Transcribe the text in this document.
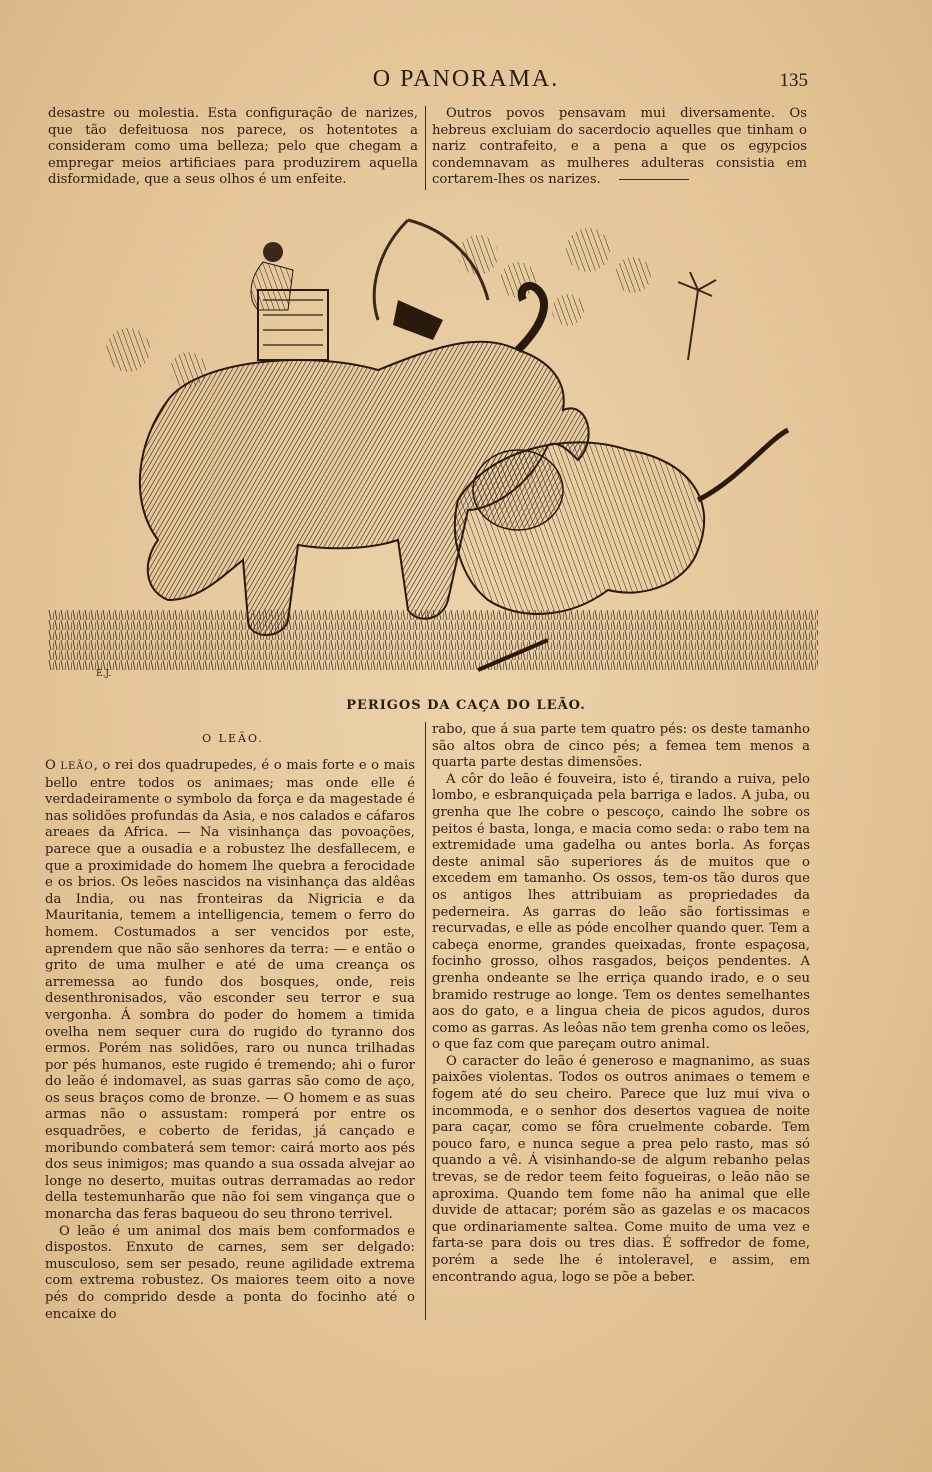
O PANORAMA.	135

desastre ou molestia. Esta configuração de narizes, que tão defeituosa nos parece, os hotentotes a consideram como uma belleza; pelo que chegam a empregar meios artificiaes para produzirem aquella disformidade, que a seus olhos é um enfeite.

Outros povos pensavam mui diversamente. Os hebreus excluiam do sacerdocio aquelles que tinham o nariz contrafeito, e a pena a que os egypcios condemnavam as mulheres adulteras consistia em cortarem-lhes os narizes.

E.J.
PERIGOS DA CAÇA DO LEÃO.
O LEÃO.

O LEÃO, o rei dos quadrupedes, é o mais forte e o mais bello entre todos os animaes; mas onde elle é verdadeiramente o symbolo da força e da magestade é nas solidões profundas da Asia, e nos calados e cáfaros areaes da Africa. — Na visinhança das povoações, parece que a ousadia e a robustez lhe desfallecem, e que a proximidade do homem lhe quebra a ferocidade e os brios. Os leões nascidos na visinhança das aldêas da India, ou nas fronteiras da Nigricia e da Mauritania, temem a intelligencia, temem o ferro do homem. Costumados a ser vencidos por este, aprendem que não são senhores da terra: — e então o grito de uma mulher e até de uma creança os arremessa ao fundo dos bosques, onde, reis desenthronisados, vão esconder seu terror e sua vergonha. Á sombra do poder do homem a timida ovelha nem sequer cura do rugido do tyranno dos ermos. Porém nas solidões, raro ou nunca trilhadas por pés humanos, este rugido é tremendo; ahi o furor do leão é indomavel, as suas garras são como de aço, os seus braços como de bronze. — O homem e as suas armas não o assustam: romperá por entre os esquadrões, e coberto de feridas, já cançado e moribundo combaterá sem temor: cairá morto aos pés dos seus inimigos; mas quando a sua ossada alvejar ao longe no deserto, muitas outras derramadas ao redor della testemunharão que não foi sem vingança que o monarcha das feras baqueou do seu throno terrivel.

O leão é um animal dos mais bem conformados e dispostos. Enxuto de carnes, sem ser delgado: musculoso, sem ser pesado, reune agilidade extrema com extrema robustez. Os maiores teem oito a nove pés do comprido desde a ponta do focinho até o encaixe do

rabo, que á sua parte tem quatro pés: os deste tamanho são altos obra de cinco pés; a femea tem menos a quarta parte destas dimensões.

A côr do leão é fouveira, isto é, tirando a ruiva, pelo lombo, e esbranquiçada pela barriga e lados. A juba, ou grenha que lhe cobre o pescoço, caindo lhe sobre os peitos é basta, longa, e macia como seda: o rabo tem na extremidade uma gadelha ou antes borla. As forças deste animal são superiores ás de muitos que o excedem em tamanho. Os ossos, tem-os tão duros que os antigos lhes attribuiam as propriedades da pederneira. As garras do leão são fortissimas e recurvadas, e elle as póde encolher quando quer. Tem a cabeça enorme, grandes queixadas, fronte espaçosa, focinho grosso, olhos rasgados, beiços pendentes. A grenha ondeante se lhe erriça quando irado, e o seu bramido restruge ao longe. Tem os dentes semelhantes aos do gato, e a lingua cheia de picos agudos, duros como as garras. As leôas não tem grenha como os leões, o que faz com que pareçam outro animal.

O caracter do leão é generoso e magnanimo, as suas paixões violentas. Todos os outros animaes o temem e fogem até do seu cheiro. Parece que luz mui viva o incommoda, e o senhor dos desertos vaguea de noite para caçar, como se fôra cruelmente cobarde. Tem pouco faro, e nunca segue a prea pelo rasto, mas só quando a vê. Á visinhando-se de algum rebanho pelas trevas, se de redor teem feito fogueiras, o leão não se aproxima. Quando tem fome não ha animal que elle duvide de attacar; porém são as gazelas e os macacos que ordinariamente saltea. Come muito de uma vez e farta-se para dois ou tres dias. É soffredor de fome, porém a sede lhe é intoleravel, e assim, em encontrando agua, logo se põe a beber.
